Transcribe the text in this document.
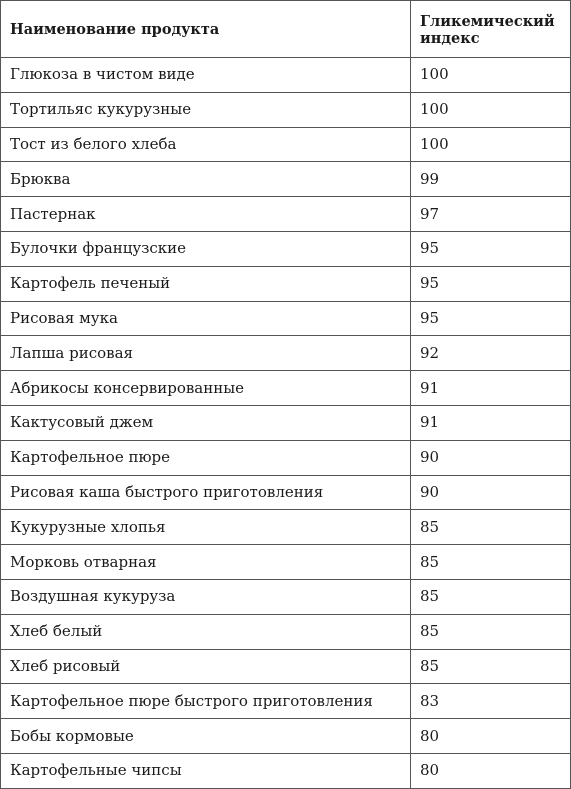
Наименование продукта	Гликемический индекс
Глюкоза в чистом виде	100
Тортильяс кукурузные	100
Тост из белого хлеба	100
Брюква	99
Пастернак	97
Булочки французские	95
Картофель печеный	95
Рисовая мука	95
Лапша рисовая	92
Абрикосы консервированные	91
Кактусовый джем	91
Картофельное пюре	90
Рисовая каша быстрого приготовления	90
Кукурузные хлопья	85
Морковь отварная	85
Воздушная кукуруза	85
Хлеб белый	85
Хлеб рисовый	85
Картофельное пюре быстрого приготовления	83
Бобы кормовые	80
Картофельные чипсы	80
